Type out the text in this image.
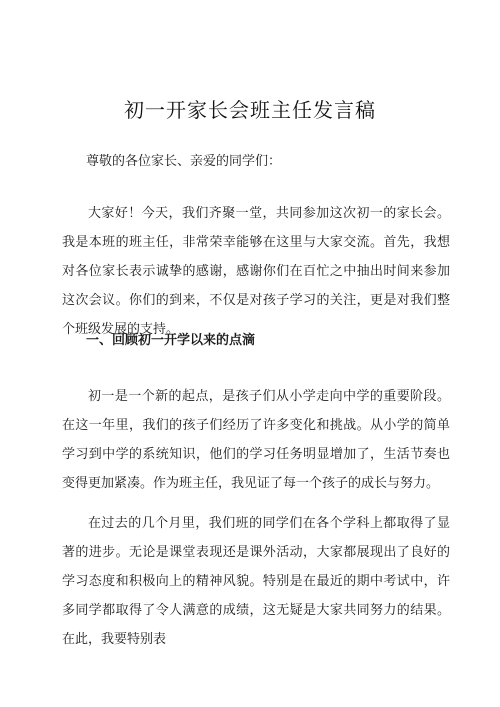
初一开家长会班主任发言稿
尊敬的各位家长、亲爱的同学们：
大家好！今天，我们齐聚一堂，共同参加这次初一的家长会。我是本班的班主任，非常荣幸能够在这里与大家交流。首先，我想对各位家长表示诚挚的感谢，感谢你们在百忙之中抽出时间来参加这次会议。你们的到来，不仅是对孩子学习的关注，更是对我们整个班级发展的支持。
一、回顾初一开学以来的点滴
初一是一个新的起点，是孩子们从小学走向中学的重要阶段。在这一年里，我们的孩子们经历了许多变化和挑战。从小学的简单学习到中学的系统知识，他们的学习任务明显增加了，生活节奏也变得更加紧凑。作为班主任，我见证了每一个孩子的成长与努力。
在过去的几个月里，我们班的同学们在各个学科上都取得了显著的进步。无论是课堂表现还是课外活动，大家都展现出了良好的学习态度和积极向上的精神风貌。特别是在最近的期中考试中，许多同学都取得了令人满意的成绩，这无疑是大家共同努力的结果。在此，我要特别表
